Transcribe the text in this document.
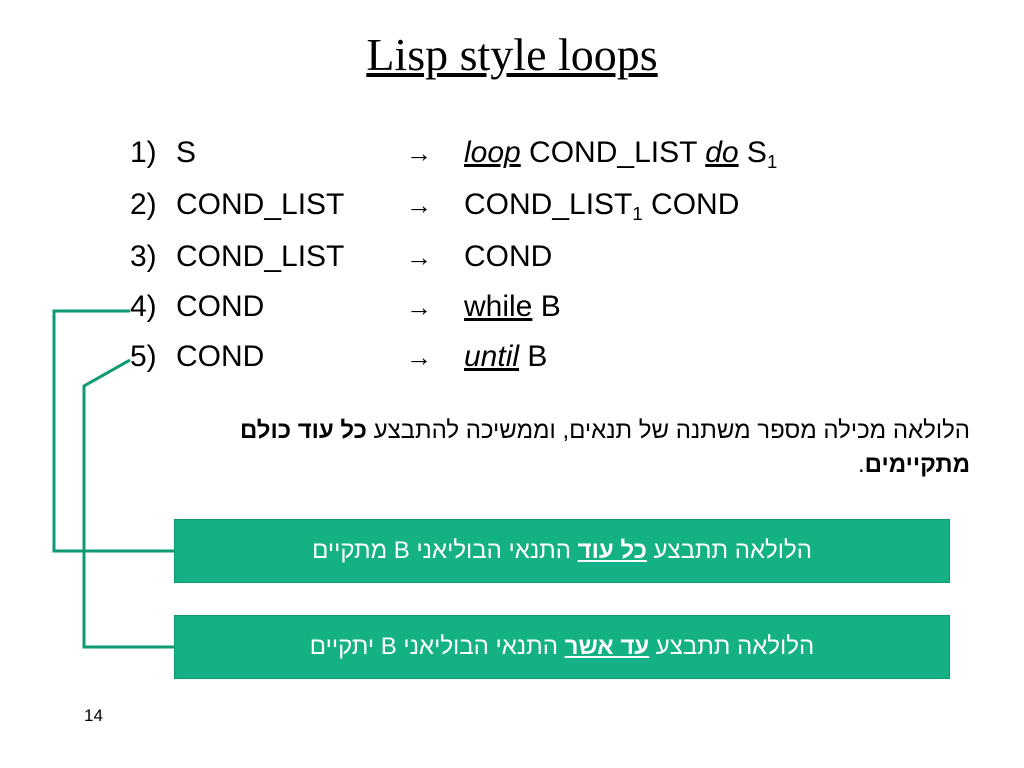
Lisp style loops
1) S	→	loop COND_LIST do $S_1$
2) COND_LIST	→	$COND\_LIST_1$ COND
3) COND_LIST	→	COND
4) COND	→	while B
5) COND	→	until B
הלולאה מכילה מספר משתנה של תנאים, וממשיכה להתבצע כל עוד כולם מתקיימים.
הלולאה תתבצע כל עוד התנאי הבוליאני B מתקיים
הלולאה תתבצע עד אשר התנאי הבוליאני B יתקיים
14
